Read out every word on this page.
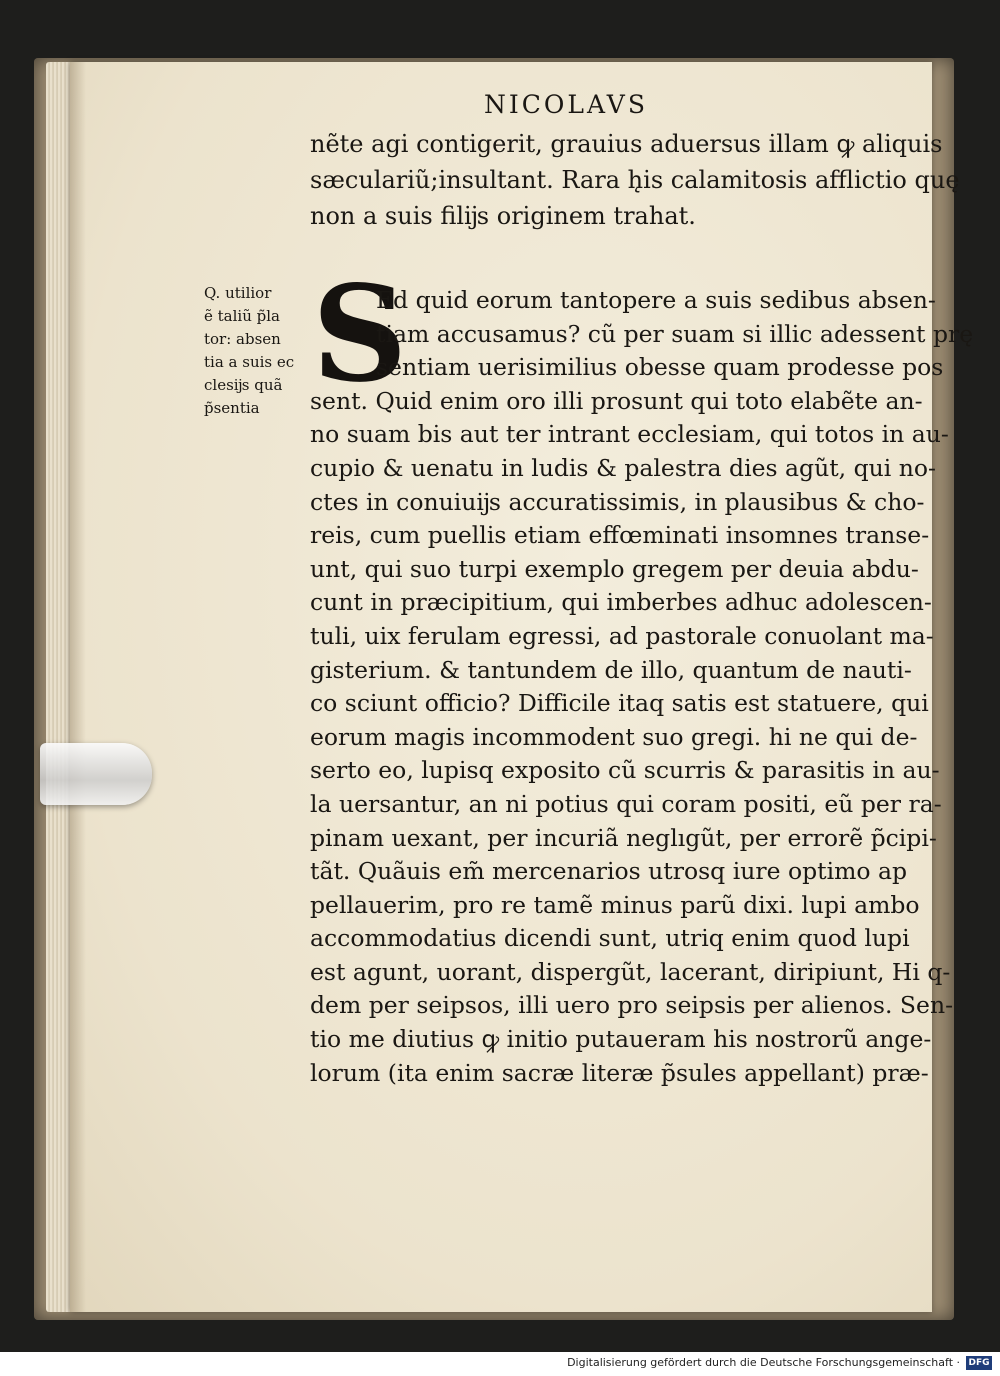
NICOLAVS
nẽte agi contigerit, grauius aduersus illam ꝙ aliquis
sæculariũ;insultant. Rara h̨is calamitosis afflictio quę
non a suis filĳs originem trahat.
Q. utilior
ẽ taliũ p̃la
tor: absen
tia a suis ec
clesĳs quã
p̃sentia S
Ed quid eorum tantopere a suis sedibus absen-
tiam accusamus? cũ per suam si illic adessent prę
sentiam uerisimilius obesse quam prodesse pos
sent. Quid enim oro illi prosunt qui toto elabẽte an-
no suam bis aut ter intrant ecclesiam, qui totos in au-
cupio & uenatu in ludis & palestra dies agũt, qui no-
ctes in conuiuĳs accuratissimis, in plausibus & cho-
reis, cum puellis etiam effœminati insomnes transe-
unt, qui suo turpi exemplo gregem per deuia abdu-
cunt in præcipitium, qui imberbes adhuc adolescen-
tuli, uix ferulam egressi, ad pastorale conuolant ma-
gisterium. & tantundem de illo, quantum de nauti-
co sciunt officio? Difficile itaq satis est statuere, qui
eorum magis incommodent suo gregi. hi ne qui de-
serto eo, lupisq exposito cũ scurris & parasitis in au-
la uersantur, an ni potius qui coram positi, eũ per ra-
pinam uexant, per incuriã neglıgũt, per errorẽ p̃cipi-
tãt. Quãuis em̃ mercenarios utrosq iure optimo ap
pellauerim, pro re tamẽ minus parũ dixi. lupi ambo
accommodatius dicendi sunt, utriq enim quod lupi
est agunt, uorant, dispergũt, lacerant, diripiunt, Hi q-
dem per seipsos, illi uero pro seipsis per alienos. Sen-
tio me diutius ꝙ initio putaueram his nostrorũ ange-
lorum (ita enim sacræ literæ p̃sules appellant) præ-
Digitalisierung gefördert durch die Deutsche Forschungsgemeinschaft · DFG
